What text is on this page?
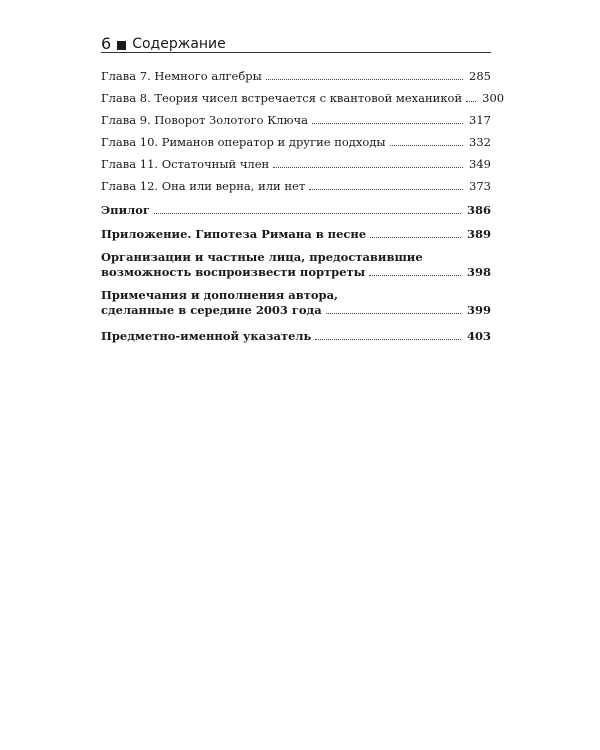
6 Содержание
Глава 7. Немного алгебры	285
Глава 8. Теория чисел встречается с квантовой механикой	300
Глава 9. Поворот Золотого Ключа	317
Глава 10. Риманов оператор и другие подходы	332
Глава 11. Остаточный член	349
Глава 12. Она или верна, или нет	373
Эпилог	386
Приложение. Гипотеза Римана в песне	389
Организации и частные лица, предоставившие
возможность воспроизвести портреты	398
Примечания и дополнения автора,
сделанные в середине 2003 года	399
Предметно-именной указатель	403
